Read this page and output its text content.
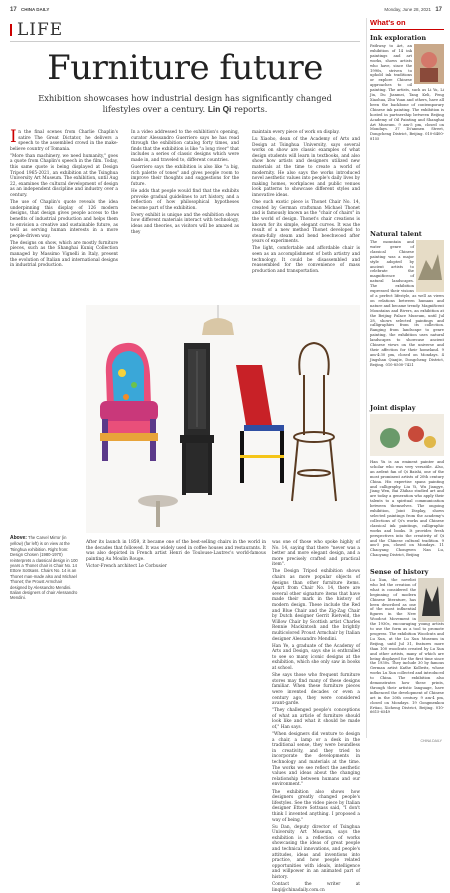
17 CHINA DAILY	Monday, June 28, 2021 17
LIFE
Furniture future
Exhibition showcases how industrial design has significantly changed lifestyles over a century. Lin Qi reports.

In the final scenes from Charlie Chaplin's satire The Great Dictator, he delivers a speech to the assembled crowd in the make-believe country of Tomania.

"More than machinery, we need humanity," goes a quote from Chaplin's speech in the film. Today, this same quote is being displayed at Design Tripod 1965-2021, an exhibition at the Tsinghua University Art Museum. The exhibition, until Aug 22, examines the cultural development of design as an independent discipline and industry over a century.

The use of Chaplin's quote reveals the idea underpinning this display of 126 modern designs, that design gives people access to the benefits of industrial production and helps them to envision a creative and sustainable future, as well as serving human interests in a more people-driven way.

The designs on show, which are mostly furniture pieces, such as the Shanghai Kuniq Collection managed by Massimo Vignelli in Italy, present the evolution of Italian and international designs in industrial production.

In a video addressed to the exhibition's opening, curator Alessandro Guerriero says he has read through the exhibition catalog forty times, and finds that the exhibition is like "a long river" that includes a series of classic designs which were made in, and traveled to, different countries.

Guerriero says the exhibition is also like "a big, rich palette of tones" and gives people room to improve their thoughts and suggestions for the future.

He adds that people would find that the exhibits provoke gradual guidelines to art history, and a reflection of how philosophical hypotheses become part of the exhibition.

Every exhibit is unique and the exhibition shows how different materials interact with technology, ideas and theories, as visitors will be amazed as they

maintain every piece of work on display.

Lu Xiaobo, dean of the Academy of Arts and Design at Tsinghua University, says several works on show are classic examples of what design students will learn in textbooks, and also show how artists and designers utilized new materials at the time to create a world of modernity. He also says the works introduced novel aesthetic values into people's daily lives by making homes, workplaces and public venues look patterns to showcase different styles and innovative ideas.

One such exotic piece is Thonet Chair No. 14, created by German craftsman Michael Thonet and is famously known as the "chair of chairs" in the world of design. Thonet's chair creations is known for its simple, elegant curves. It was the result of a new method Thonet developed to steam-fully steam and bend beechwood after years of experiments.

The light, comfortable and affordable chair is seen as an accomplishment of both artistry and technology. It could be disassembled and reassembled for the convenience of mass production and transportation.

Above: The Carvel Mirror (in yellow) (far left) is on view at the Tsinghua exhibition. Right from: Design Chosen (1980-1970) reinterprets a classical design in 100 years a Thonet chair is Chair No. 14 Ettore Sottsass. Chairs No. 14 is an Thonet man-made also and Michael Thonet; the Proust Armchair designed by Alessandro Mendini. Italian designers of chair Alessandro Mendini.

After its launch in 1859, it became one of the best-selling chairs in the world in the decades that followed. It was widely used in coffee houses and restaurants. It was also depicted in French artist Henri de Toulouse-Lautrec's world-famous painting Au Moulin Rouge.

Victor-French architect Le Corbusier

was one of those who spoke highly of No. 14, saying that there "never was a better and more elegant design, and a more precisely crafted and practical item".

The Design Tripod exhibition shows chairs as more popular objects of designs than other furniture items. Apart from Chair No. 14, there are several other signature items that have made their mark in the history of modern design. These include the Red and Blue Chair and the Zig-Zag Chair by Dutch designer Gerrit Rietveld, the Willow Chair by Scottish artist Charles Rennie Mackintosh and the brightly multicolored Proust Armchair by Italian designer Alessandro Mendini.

Han Ye, a graduate of the Academy of Arts and Design, says she is enthralled to see so many iconic designs at the exhibition, which she only saw in books at school.

She says those who frequent furniture stores may find many of these designs familiar. When these furniture pieces were invented decades or even a century ago, they were considered avant-garde.

"They challenged people's conceptions of what an article of furniture should look like and what it should be made of," Han says.

"When designers did venture to design a chair, a lamp or a desk in the traditional sense, they were boundless in creativity, and they tried to incorporate the developments in technology and materials at the time. The works we see reflect the aesthetic values and ideas about the changing relationship between humans and our environment."

The exhibition also shows how designers greatly changed people's lifestyles. See the video piece by Italian designer Ettore Sottsass said, "I don't think I invented anything. I proposed a way of being."

Su Dan, deputy director of Tsinghua University Art Museum, says the exhibition is a reflection of works showcasing the ideas of great people and technical innovations, and people's attitudes, ideas and inventions into practice, and how people related opportunities with ideals, intelligence and willpower in an animated part of history.

Contact the writer at linqi@chinadaily.com.cn

What's on
Ink exploration
Pathway to Art, an exhibition of 14 ink paintings and art works, shows artists who have, since the 1990s, striven to uphold ink traditions or explore Chinese approaches to oil painting. The artists, such as Li Yu, Li Jin, Du Jianmei, Tang Keli, Feng Xiaohua, Zhu Yuan and others, have all been the backbone of contemporary Chinese ink painting. The exhibition is hosted in partnership between Beijing Academy of Oil Painting and Shanghai Art Museum. 9 am-5 pm, closed on Mondays. 37 Di'anmen Street, Dongcheng District, Beijing. 010-6400-8155
Natural talent
The mountain and water genre of classical Chinese painting was a major style adopted by ancient artists to celebrate the magnificence of natural landscapes. The exhibition expressed their visions of a perfect lifestyle, as well as views on relations between humans and nature and became trendy. Magnificent Mountains and Rivers, an exhibition at the Beijing Palace Museum, until Jul 28, shows selected paintings and calligraphies from its collection. Ranging from landscape to genre painting, the exhibition uses natural landscapes to showcase ancient Chinese views on the universe and their affection for their homeland. 9 am-4:30 pm, closed on Mondays. 4 Jingshan Qianjie, Dongcheng District, Beijing. 010-8500-7421
Joint display
Han Yu is an eminent painter and scholar who was very versatile. Also, an ardent fan of Qi Baishi, one of the most prominent artists of 20th century China. His expertise spans painting and calligraphy. Liu Yi, Wu Jiangye, Jiang Wen, Bai Zhihao studied art and are today a generation who apply their talents to a spiritual communication between themselves. The ongoing exhibition, Joint Display, shows selected paintings from the academy's collections of Qi's works and Chinese classical ink paintings, calligraphic works and books. It provides fresh perspectives into the creativity of Qi and the Chinese cultural tradition. 9 am-5 pm, closed on Mondays. 11 Chaoyang Chongwen Nan Lu, Chaoyang District, Beijing
Sense of history
Lu Xun, the novelist who led the creation of what is considered the beginning of modern Chinese literature, has been described as one of the most influential figures in the New Woodcut Movement in the 1930s, encouraging young artists to use the form as a tool to promote progress. The exhibition Woodcuts and Lu Xun, at the Lu Xun Museum in Beijing, until Jul 31, features more than 100 woodcuts created by Lu Xun and other artists, many of which are being displayed for the first time since the 1930s. They include 30 by famous German artist Kathe Kollwitz, whose works Lu Xun collected and introduced to China. The exhibition also demonstrates how these prints, through their artistic language, have influenced the development of Chinese art in the 20th century. 9 am-4 pm, closed on Mondays. 19 Gongmenkou Ertiao, Xicheng District, Beijing. 010-6615-6549
CHINA DAILY
